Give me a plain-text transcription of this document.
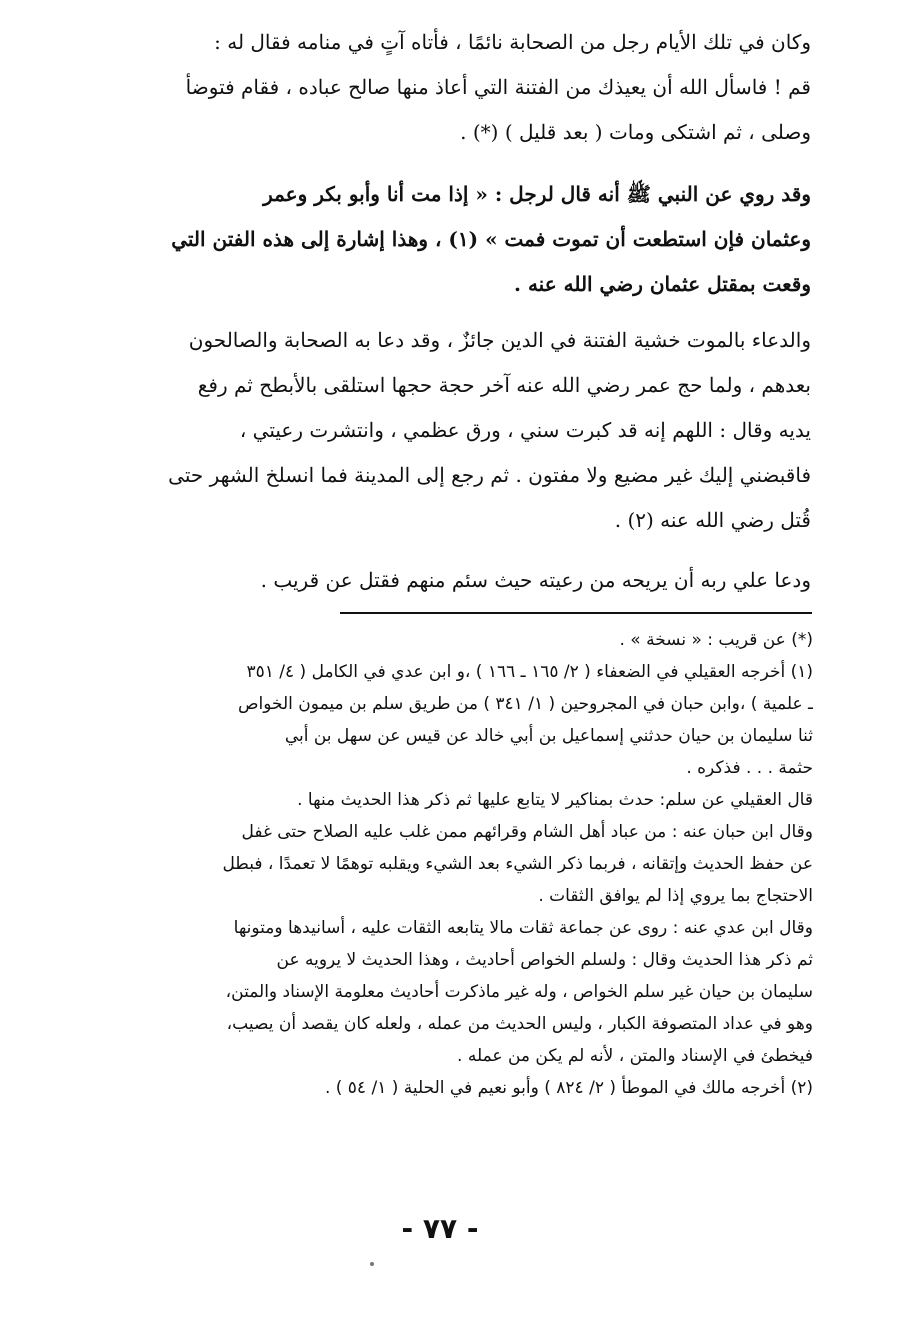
وكان في تلك الأيام رجل من الصحابة نائمًا ، فأتاه آتٍ في منامه فقال له :
قم ! فاسأل الله أن يعيذك من الفتنة التي أعاذ منها صالح عباده ، فقام فتوضأ
وصلى ، ثم اشتكى ومات ( بعد قليل ) (*) .
وقد روي عن النبي ﷺ أنه قال لرجل : « إذا مت أنا وأبو بكر وعمر
وعثمان فإن استطعت أن تموت فمت » (١) ، وهذا إشارة إلى هذه الفتن التي
وقعت بمقتل عثمان رضي الله عنه .
والدعاء بالموت خشية الفتنة في الدين جائزٌ ، وقد دعا به الصحابة والصالحون
بعدهم ، ولما حج عمر رضي الله عنه آخر حجة حجها استلقى بالأبطح ثم رفع
يديه وقال : اللهم إنه قد كبرت سني ، ورق عظمي ، وانتشرت رعيتي ،
فاقبضني إليك غير مضيع ولا مفتون . ثم رجع إلى المدينة فما انسلخ الشهر حتى
قُتل رضي الله عنه (٢) .
ودعا علي ربه أن يريحه من رعيته حيث سئم منهم فقتل عن قريب .
(*) عن قريب : « نسخة » .
(١) أخرجه العقيلي في الضعفاء ( ٢/ ١٦٥ ـ ١٦٦ ) ،و ابن عدي في الكامل ( ٤/ ٣٥١
ـ علمية ) ،وابن حبان في المجروحين ( ١/ ٣٤١ ) من طريق سلم بن ميمون الخواص
ثنا سليمان بن حيان حدثني إسماعيل بن أبي خالد عن قيس عن سهل بن أبي
حثمة . . . فذكره .
قال العقيلي عن سلم: حدث بمناكير لا يتابع عليها ثم ذكر هذا الحديث منها .
وقال ابن حبان عنه : من عباد أهل الشام وقرائهم ممن غلب عليه الصلاح حتى غفل
عن حفظ الحديث وإتقانه ، فربما ذكر الشيء بعد الشيء ويقلبه توهمًا لا تعمدًا ، فبطل
الاحتجاج بما يروي إذا لم يوافق الثقات .
وقال ابن عدي عنه : روى عن جماعة ثقات مالا يتابعه الثقات عليه ، أسانيدها ومتونها
ثم ذكر هذا الحديث وقال : ولسلم الخواص أحاديث ، وهذا الحديث لا يرويه عن
سليمان بن حيان غير سلم الخواص ، وله غير ماذكرت أحاديث معلومة الإسناد والمتن،
وهو في عداد المتصوفة الكبار ، وليس الحديث من عمله ، ولعله كان يقصد أن يصيب،
فيخطئ في الإسناد والمتن ، لأنه لم يكن من عمله .
(٢) أخرجه مالك في الموطأ ( ٢/ ٨٢٤ ) وأبو نعيم في الحلية ( ١/ ٥٤ ) .
- ٧٧ -
